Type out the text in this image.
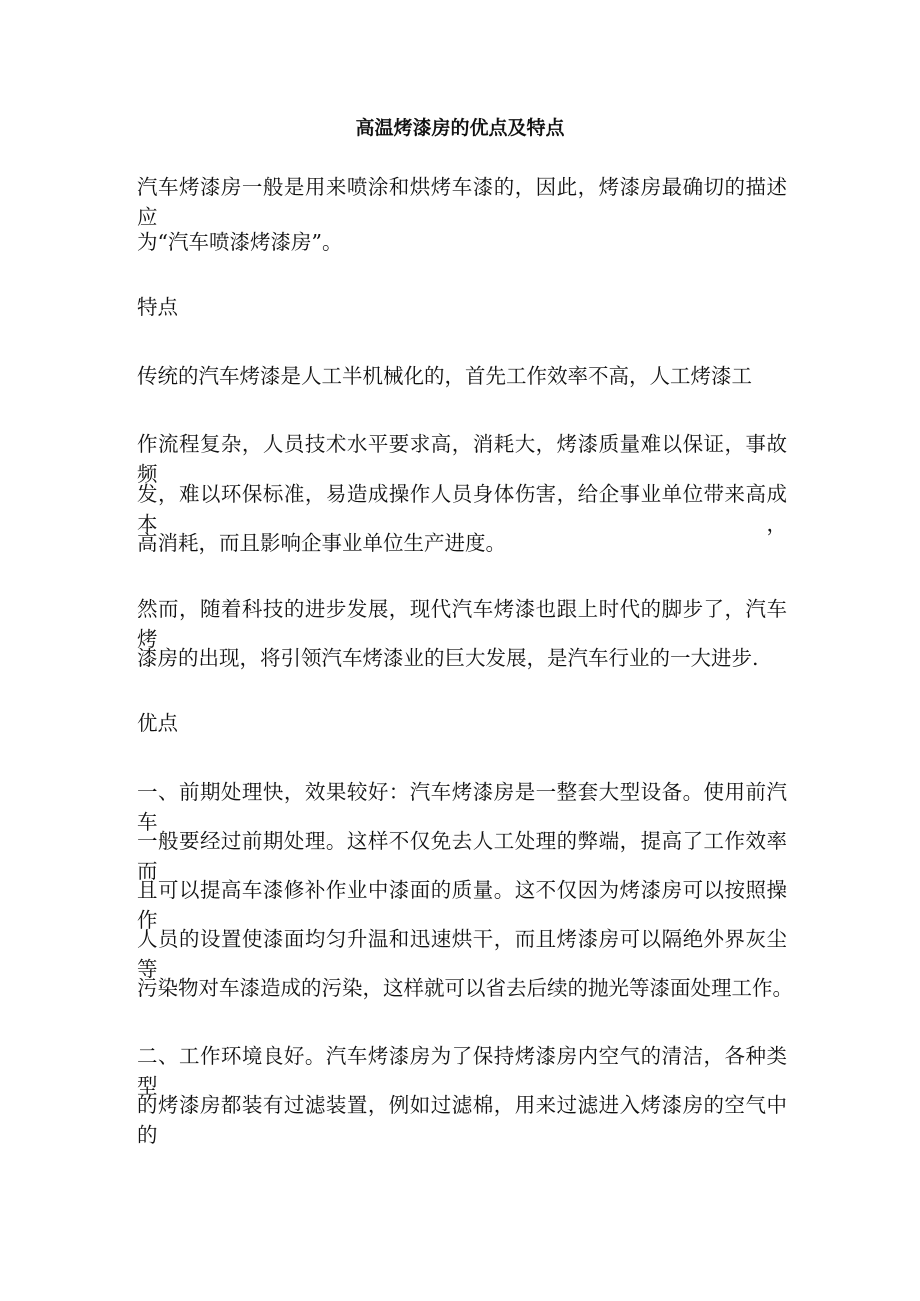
高温烤漆房的优点及特点

汽车烤漆房一般是用来喷涂和烘烤车漆的，因此，烤漆房最确切的描述应

为“汽车喷漆烤漆房”。

特点

传统的汽车烤漆是人工半机械化的，首先工作效率不高，人工烤漆工

作流程复杂，人员技术水平要求高，消耗大，烤漆质量难以保证，事故频

发，难以环保标准，易造成操作人员身体伤害，给企事业单位带来高成本，

高消耗，而且影响企事业单位生产进度。

然而，随着科技的进步发展，现代汽车烤漆也跟上时代的脚步了，汽车烤

漆房的出现，将引领汽车烤漆业的巨大发展，是汽车行业的一大进步.

优点

一、前期处理快，效果较好：汽车烤漆房是一整套大型设备。使用前汽车

一般要经过前期处理。这样不仅免去人工处理的弊端，提高了工作效率而

且可以提高车漆修补作业中漆面的质量。这不仅因为烤漆房可以按照操作

人员的设置使漆面均匀升温和迅速烘干，而且烤漆房可以隔绝外界灰尘等

污染物对车漆造成的污染，这样就可以省去后续的抛光等漆面处理工作。

二、工作环境良好。汽车烤漆房为了保持烤漆房内空气的清洁，各种类型

的烤漆房都装有过滤装置，例如过滤棉，用来过滤进入烤漆房的空气中的
